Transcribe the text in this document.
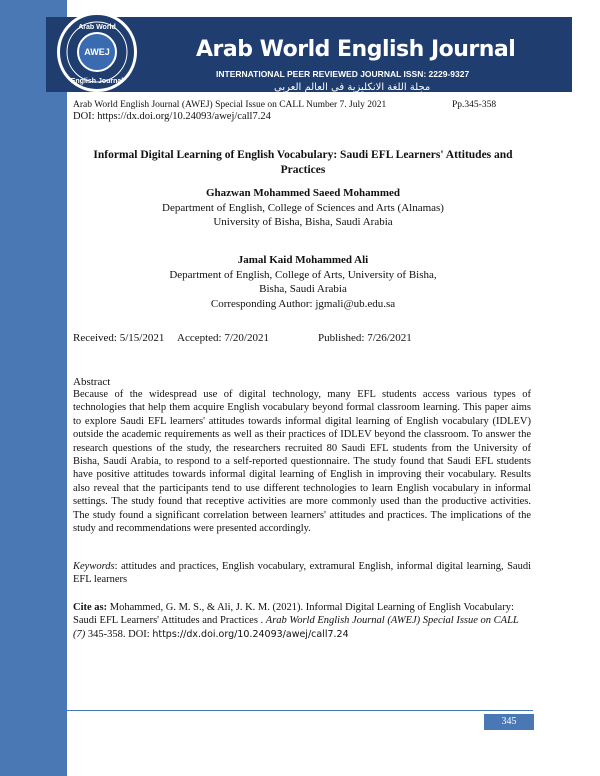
Arab World English Journal
INTERNATIONAL PEER REVIEWED JOURNAL ISSN: 2229-9327
مجلة اللغة الانكليزية في العالم العربي
Arab World
English Journal
AWEJ
Arab World English Journal (AWEJ) Special Issue on CALL Number 7. July 2021	Pp.345-358
DOI: https://dx.doi.org/10.24093/awej/call7.24
Informal Digital Learning of English Vocabulary: Saudi EFL Learners' Attitudes and
Practices
Ghazwan Mohammed Saeed Mohammed
Department of English, College of Sciences and Arts (Alnamas)
University of Bisha, Bisha, Saudi Arabia
Jamal Kaid Mohammed Ali
Department of English, College of Arts, University of Bisha,
Bisha, Saudi Arabia
Corresponding Author: jgmali@ub.edu.sa
Received: 5/15/2021 Accepted: 7/20/2021	Published: 7/26/2021
Abstract
Because of the widespread use of digital technology, many EFL students access various types of technologies that help them acquire English vocabulary beyond formal classroom learning. This paper aims to explore Saudi EFL learners' attitudes towards informal digital learning of English vocabulary (IDLEV) outside the academic requirements as well as their practices of IDLEV beyond the classroom. To answer the research questions of the study, the researchers recruited 80 Saudi EFL students from the University of Bisha, Saudi Arabia, to respond to a self-reported questionnaire. The study found that Saudi EFL students have positive attitudes towards informal digital learning of English in improving their vocabulary. Results also reveal that the participants tend to use different technologies to learn English vocabulary in informal settings. The study found that receptive activities are more commonly used than the productive activities. The study found a significant correlation between learners' attitudes and practices. The implications of the study and recommendations were presented accordingly.
Keywords: attitudes and practices, English vocabulary, extramural English, informal digital learning, Saudi EFL learners
Cite as: Mohammed, G. M. S., & Ali, J. K. M. (2021). Informal Digital Learning of English Vocabulary: Saudi EFL Learners' Attitudes and Practices . Arab World English Journal (AWEJ) Special Issue on CALL (7) 345-358. DOI: https://dx.doi.org/10.24093/awej/call7.24
345
